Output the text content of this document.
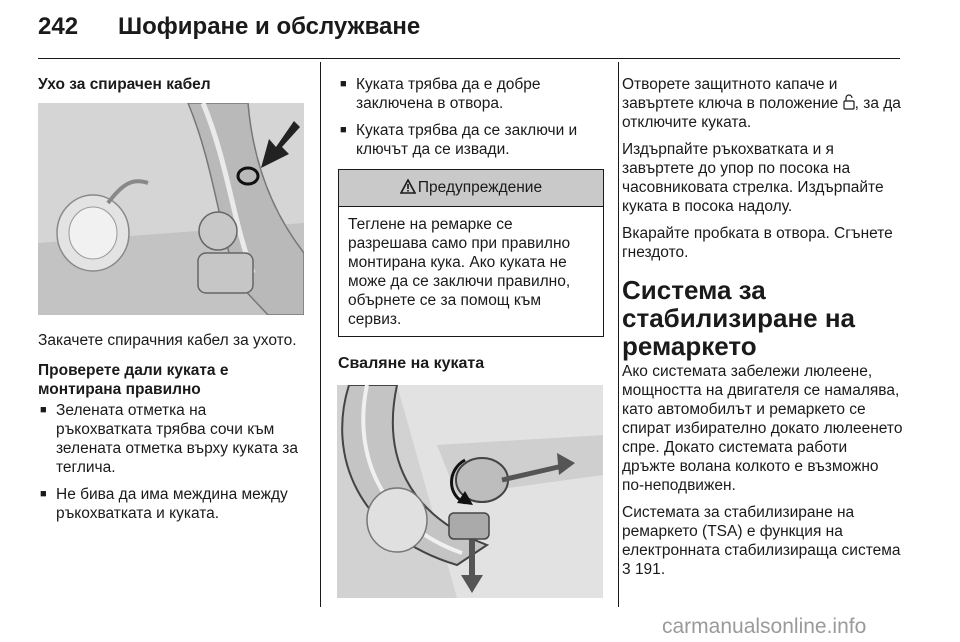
242 Шофиране и обслужване

Ухо за спирачен кабел

Закачете спирачния кабел за ухото.

Проверете дали куката е монтирана правилно

■ Зелената отметка на ръкохватката трябва сочи към зелената отметка върху куката за теглича.
■ Не бива да има междина между ръкохватката и куката.
■ Куката трябва да е добре заключена в отвора.
■ Куката трябва да се заключи и ключът да се извади.
Предупреждение
Теглене на ремарке се разрешава само при правилно монтирана кука. Ако куката не може да се заключи правилно, обърнете се за помощ към сервиз.

Сваляне на куката

Отворете защитното капаче и завъртете ключа в положение , за да отключите куката.

Издърпайте ръкохватката и я завъртете до упор по посока на часовниковата стрелка. Издърпайте куката в посока надолу.

Вкарайте пробката в отвора. Сгънете гнездото.

Система за стабилизиране на ремаркето

Ако системата забележи люлеене, мощността на двигателя се намалява, като автомобилът и ремаркето се спират избирателно докато люлеенето спре. Докато системата работи дръжте волана колкото е възможно по-неподвижен.

Системата за стабилизиране на ремаркето (TSA) е функция на електронната стабилизираща система 3 191.

carmanualsonline.info
